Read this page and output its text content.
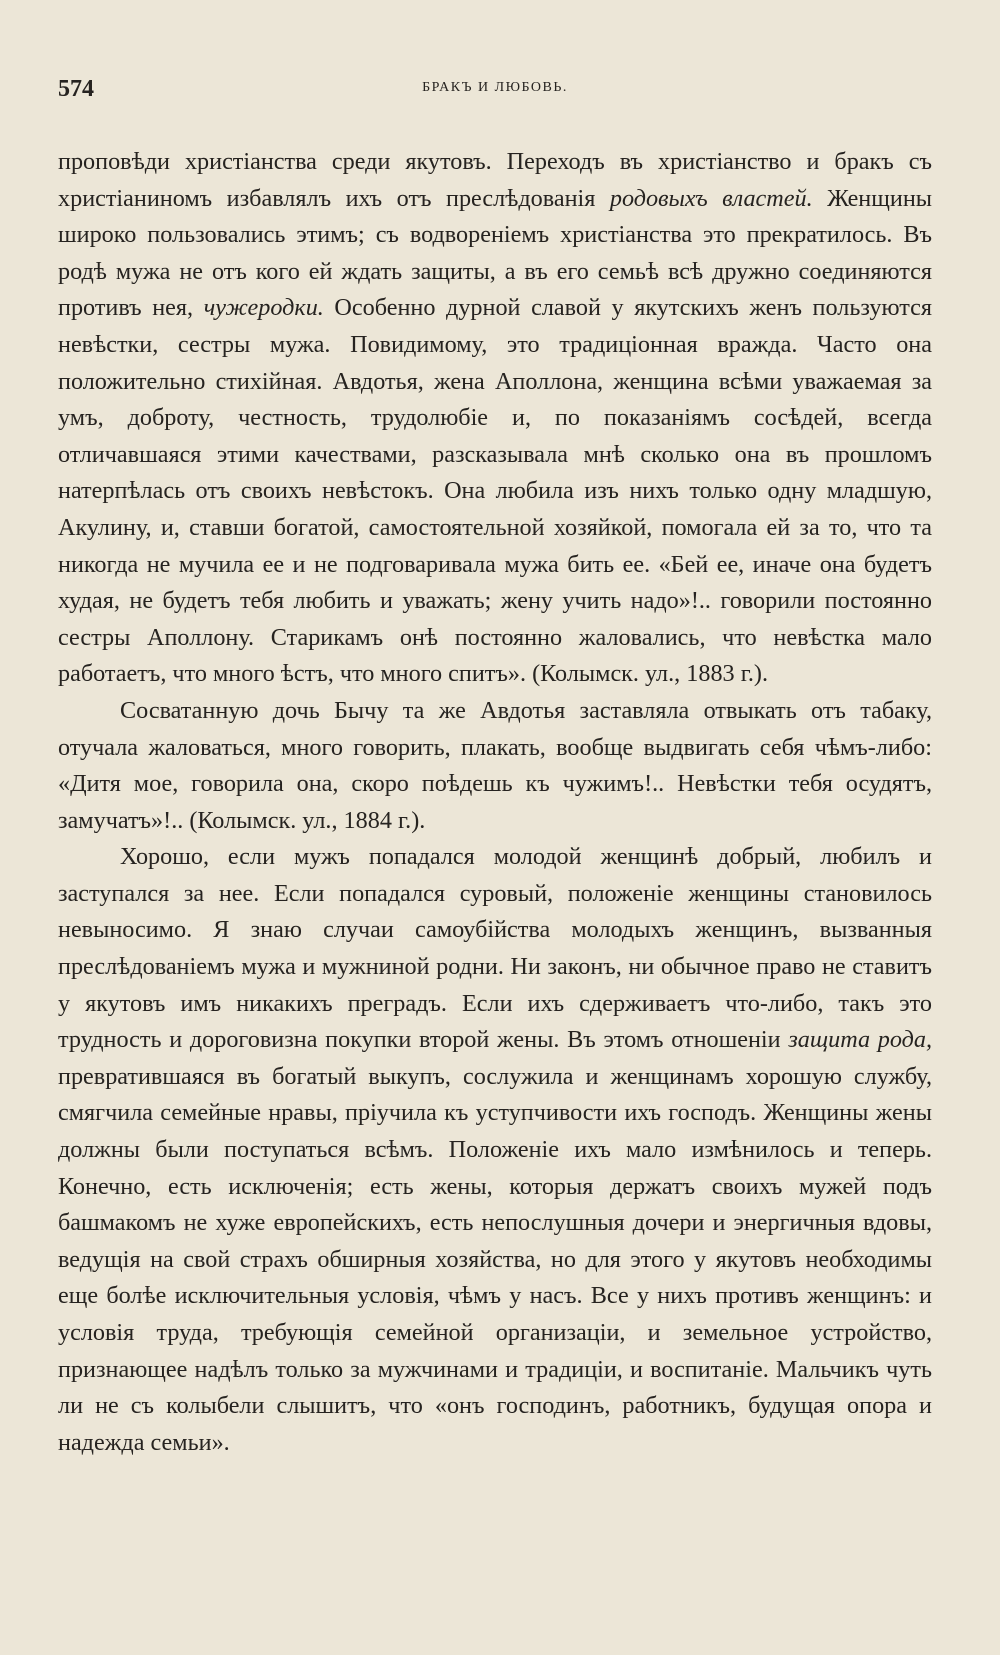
574	БРАКЪ И ЛЮБОВЬ.

проповѣди христіанства среди якутовъ. Переходъ въ христіанство и бракъ съ христіаниномъ избавлялъ ихъ отъ преслѣдованія родовыхъ властей. Женщины широко пользовались этимъ; съ водвореніемъ христіанства это прекратилось. Въ родѣ мужа не отъ кого ей ждать защиты, а въ его семьѣ всѣ дружно соединяются противъ нея, чужеродки. Особенно дурной славой у якутскихъ женъ пользуются невѣстки, сестры мужа. Повидимому, это традиціонная вражда. Часто она положительно стихійная. Авдотья, жена Аполлона, женщина всѣми уважаемая за умъ, доброту, честность, трудолюбіе и, по показаніямъ сосѣдей, всегда отличавшаяся этими качествами, разсказывала мнѣ сколько она въ прошломъ натерпѣлась отъ своихъ невѣстокъ. Она любила изъ нихъ только одну младшую, Акулину, и, ставши богатой, самостоятельной хозяйкой, помогала ей за то, что та никогда не мучила ее и не подговаривала мужа бить ее. «Бей ее, иначе она будетъ худая, не будетъ тебя любить и уважать; жену учить надо»!.. говорили постоянно сестры Аполлону. Старикамъ онѣ постоянно жаловались, что невѣстка мало работаетъ, что много ѣстъ, что много спитъ». (Колымск. ул., 1883 г.).

Сосватанную дочь Бычу та же Авдотья заставляла отвыкать отъ табаку, отучала жаловаться, много говорить, плакать, вообще выдвигать себя чѣмъ-либо: «Дитя мое, говорила она, скоро поѣдешь къ чужимъ!.. Невѣстки тебя осудятъ, замучатъ»!.. (Колымск. ул., 1884 г.).

Хорошо, если мужъ попадался молодой женщинѣ добрый, любилъ и заступался за нее. Если попадался суровый, положеніе женщины становилось невыносимо. Я знаю случаи самоубійства молодыхъ женщинъ, вызванныя преслѣдованіемъ мужа и мужниной родни. Ни законъ, ни обычное право не ставитъ у якутовъ имъ никакихъ преградъ. Если ихъ сдерживаетъ что-либо, такъ это трудность и дороговизна покупки второй жены. Въ этомъ отношеніи защита рода, превратившаяся въ богатый выкупъ, сослужила и женщинамъ хорошую службу, смягчила семейные нравы, пріучила къ уступчивости ихъ господъ. Женщины жены должны были поступаться всѣмъ. Положеніе ихъ мало измѣнилось и теперь. Конечно, есть исключенія; есть жены, которыя держатъ своихъ мужей подъ башмакомъ не хуже европейскихъ, есть непослушныя дочери и энергичныя вдовы, ведущія на свой страхъ обширныя хозяйства, но для этого у якутовъ необходимы еще болѣе исключительныя условія, чѣмъ у насъ. Все у нихъ противъ женщинъ: и условія труда, требующія семейной организаціи, и земельное устройство, признающее надѣлъ только за мужчинами и традиціи, и воспитаніе. Мальчикъ чуть ли не съ колыбели слышитъ, что «онъ господинъ, работникъ, будущая опора и надежда семьи».
